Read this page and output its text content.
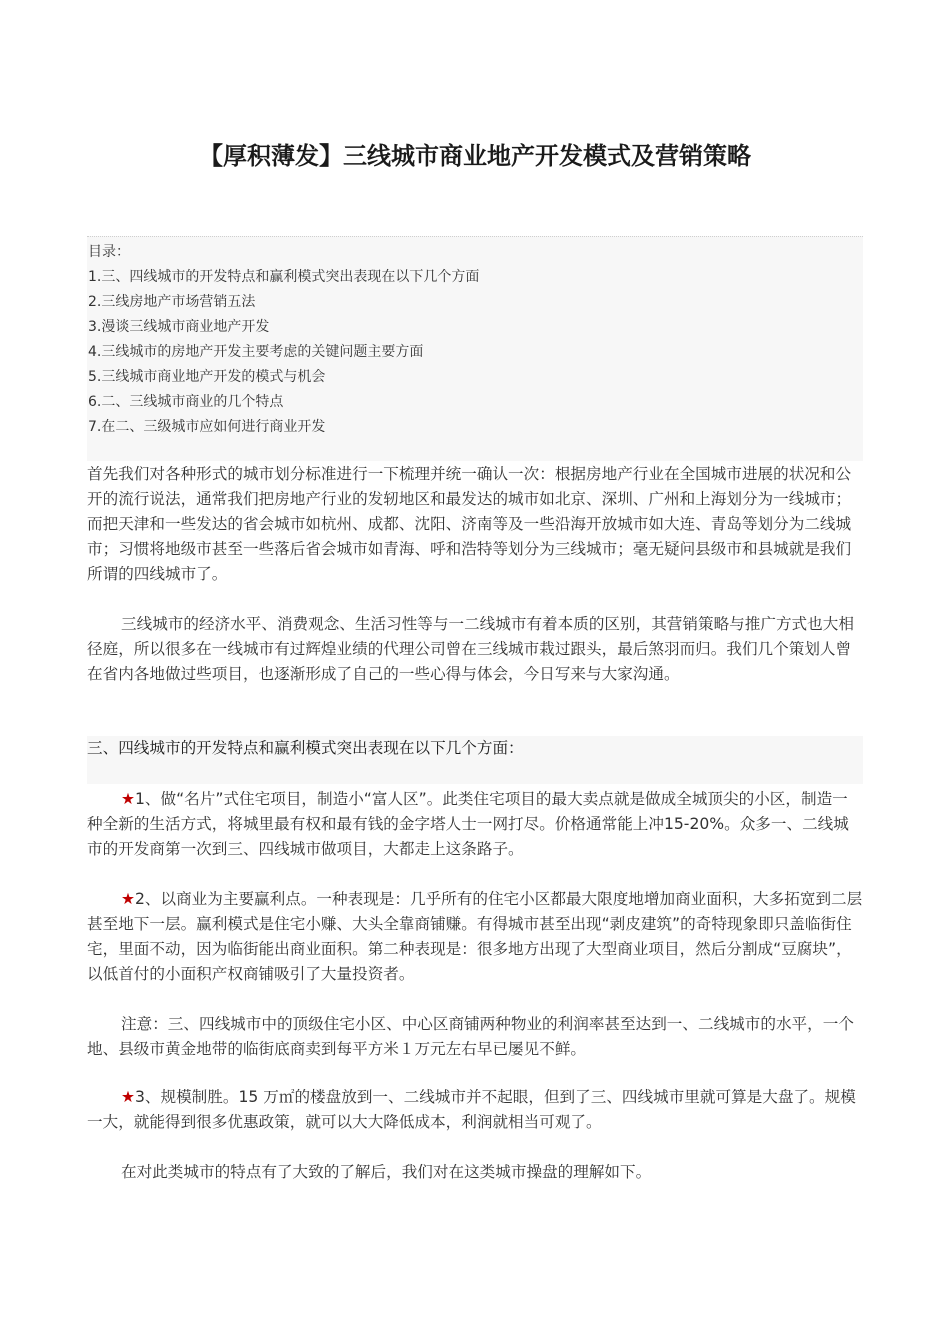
【厚积薄发】三线城市商业地产开发模式及营销策略
目录：
1.三、四线城市的开发特点和赢利模式突出表现在以下几个方面
2.三线房地产市场营销五法
3.漫谈三线城市商业地产开发
4.三线城市的房地产开发主要考虑的关键问题主要方面
5.三线城市商业地产开发的模式与机会
6.二、三线城市商业的几个特点
7.在二、三级城市应如何进行商业开发

首先我们对各种形式的城市划分标准进行一下梳理并统一确认一次：根据房地产行业在全国城市进展的状况和公开的流行说法，通常我们把房地产行业的发轫地区和最发达的城市如北京、深圳、广州和上海划分为一线城市；而把天津和一些发达的省会城市如杭州、成都、沈阳、济南等及一些沿海开放城市如大连、青岛等划分为二线城市；习惯将地级市甚至一些落后省会城市如青海、呼和浩特等划分为三线城市；毫无疑问县级市和县城就是我们所谓的四线城市了。

三线城市的经济水平、消费观念、生活习性等与一二线城市有着本质的区别，其营销策略与推广方式也大相径庭，所以很多在一线城市有过辉煌业绩的代理公司曾在三线城市栽过跟头，最后煞羽而归。我们几个策划人曾在省内各地做过些项目，也逐渐形成了自己的一些心得与体会，今日写来与大家沟通。

三、四线城市的开发特点和赢利模式突出表现在以下几个方面：

★1、做“名片”式住宅项目，制造小“富人区”。此类住宅项目的最大卖点就是做成全城顶尖的小区，制造一种全新的生活方式，将城里最有权和最有钱的金字塔人士一网打尽。价格通常能上冲15-20%。众多一、二线城市的开发商第一次到三、四线城市做项目，大都走上这条路子。

★2、以商业为主要赢利点。一种表现是：几乎所有的住宅小区都最大限度地增加商业面积，大多拓宽到二层甚至地下一层。赢利模式是住宅小赚、大头全靠商铺赚。有得城市甚至出现“剥皮建筑”的奇特现象即只盖临街住宅，里面不动，因为临街能出商业面积。第二种表现是：很多地方出现了大型商业项目，然后分割成“豆腐块”，以低首付的小面积产权商铺吸引了大量投资者。

注意：三、四线城市中的顶级住宅小区、中心区商铺两种物业的利润率甚至达到一、二线城市的水平，一个地、县级市黄金地带的临街底商卖到每平方米１万元左右早已屡见不鲜。

★3、规模制胜。15 万㎡的楼盘放到一、二线城市并不起眼，但到了三、四线城市里就可算是大盘了。规模一大，就能得到很多优惠政策，就可以大大降低成本，利润就相当可观了。

在对此类城市的特点有了大致的了解后，我们对在这类城市操盘的理解如下。
